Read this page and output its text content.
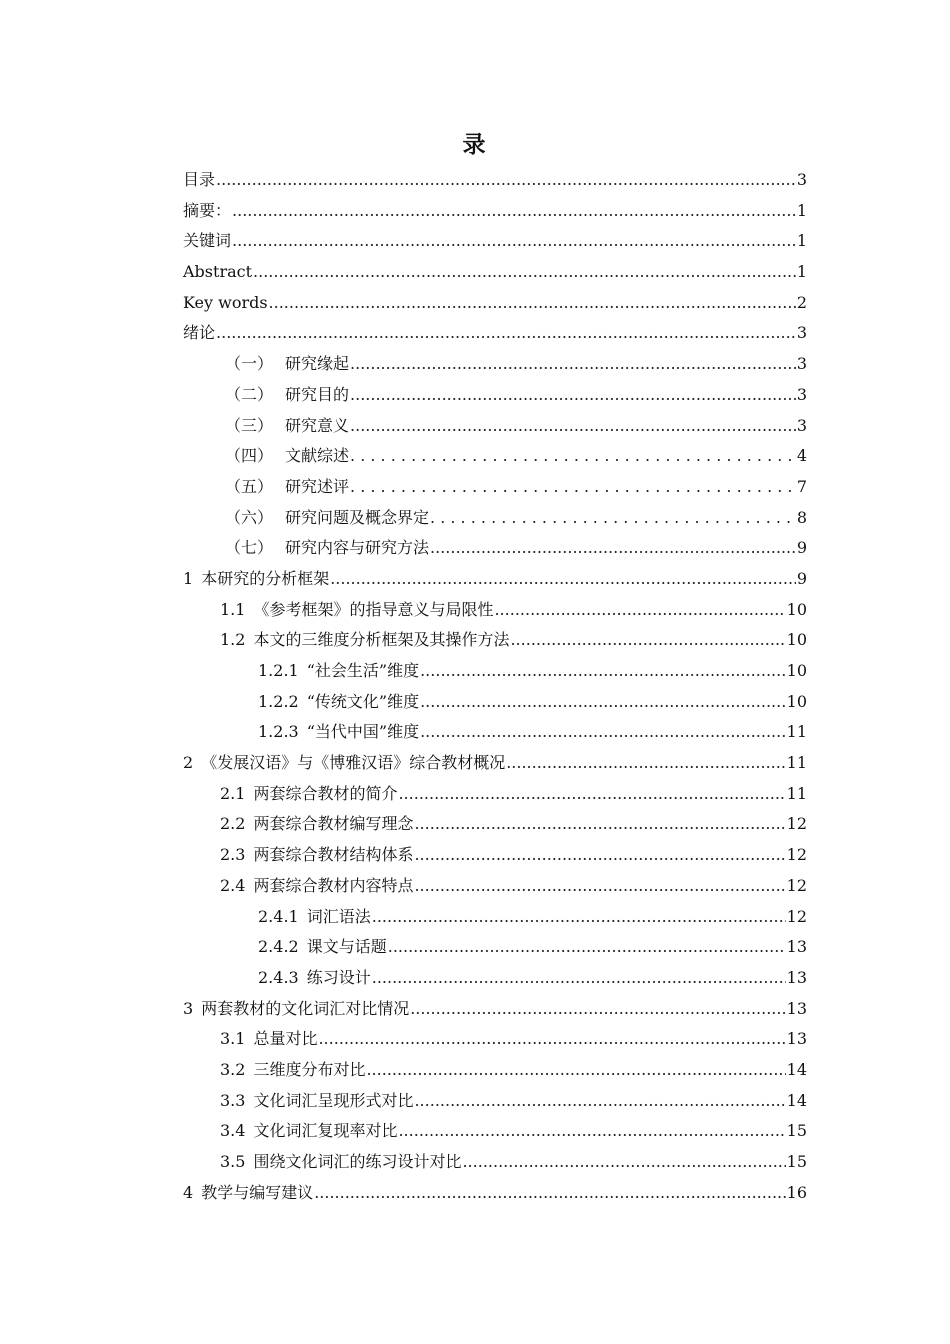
录
目录 .....	3
摘要： .....	1
关键词 .....	1
Abstract .....	1
Key words .....	2
绪论 .....	3
（一） 研究缘起 .....	3
（二） 研究目的 .....	3
（三） 研究意义 .....	3
（四） 文献综述 . . .	4
（五） 研究述评 . . .	7
（六） 研究问题及概念界定 . . .	8
（七） 研究内容与研究方法 .....	9
1 本研究的分析框架 .....	9
1.1 《参考框架》的指导意义与局限性 .....	10
1.2 本文的三维度分析框架及其操作方法 .....	10
1.2.1 “社会生活”维度 .....	10
1.2.2 “传统文化”维度 .....	10
1.2.3 “当代中国”维度 .....	11
2 《发展汉语》与《博雅汉语》综合教材概况 .....	11
2.1 两套综合教材的简介 .....	11
2.2 两套综合教材编写理念 .....	12
2.3 两套综合教材结构体系 .....	12
2.4 两套综合教材内容特点 .....	12
2.4.1 词汇语法 .....	12
2.4.2 课文与话题 .....	13
2.4.3 练习设计 .....	13
3 两套教材的文化词汇对比情况 .....	13
3.1 总量对比 .....	13
3.2 三维度分布对比 .....	14
3.3 文化词汇呈现形式对比 .....	14
3.4 文化词汇复现率对比 .....	15
3.5 围绕文化词汇的练习设计对比 .....	15
4 教学与编写建议 .....	16
